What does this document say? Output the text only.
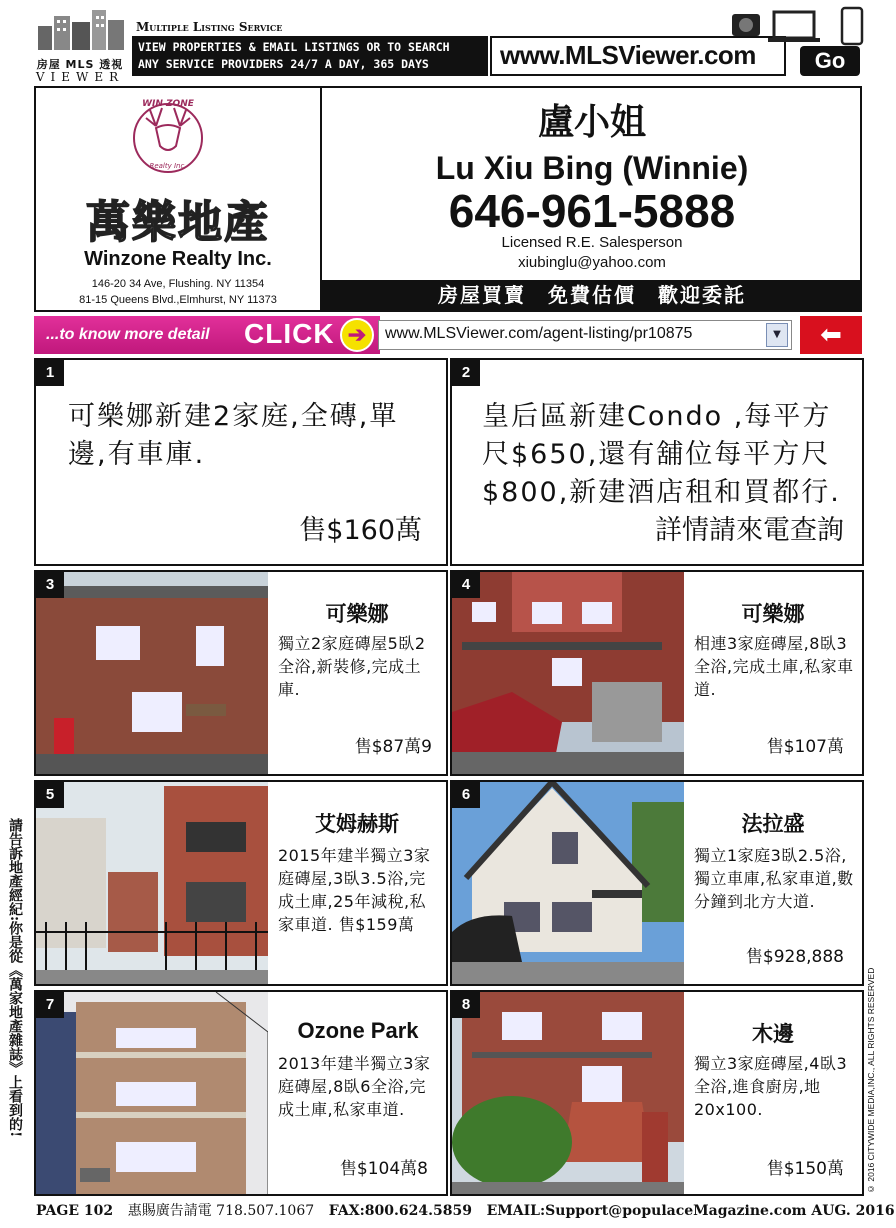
房屋 MLS 透視
VIEWER
Multiple Listing Service
VIEW PROPERTIES & EMAIL LISTINGS OR TO SEARCH
ANY SERVICE PROVIDERS 24/7 A DAY, 365 DAYS	www.MLSViewer.com	Go
WIN ZONE
Realty Inc.
萬樂地產
Winzone Realty Inc.
146-20 34 Ave, Flushing. NY 11354
81-15 Queens Blvd.,Elmhurst, NY 11373
盧小姐
Lu Xiu Bing (Winnie)
646-961-5888
Licensed R.E. Salesperson
xiubinglu@yahoo.com
房屋買賣　免費估價　歡迎委託
...to know more detail CLICK ➔	www.MLSViewer.com/agent-listing/pr10875	▼	⬅
1
可樂娜新建2家庭,全磚,單邊,有車庫.
售$160萬
2
皇后區新建Condo ,每平方尺$650,還有舖位每平方尺$800,新建酒店租和買都行.
詳情請來電查詢
3
可樂娜
獨立2家庭磚屋5臥2全浴,新裝修,完成土庫.
售$87萬9
4
可樂娜
相連3家庭磚屋,8臥3全浴,完成土庫,私家車道.
售$107萬
5
艾姆赫斯
2015年建半獨立3家庭磚屋,3臥3.5浴,完成土庫,25年減稅,私家車道. 售$159萬
6
法拉盛
獨立1家庭3臥2.5浴,獨立車庫,私家車道,數分鐘到北方大道.
售$928,888
7
Ozone Park
2013年建半獨立3家庭磚屋,8臥6全浴,完成土庫,私家車道.
售$104萬8
8
木邊
獨立3家庭磚屋,4臥3全浴,進食廚房,地20x100.
售$150萬
請告訴地產經紀:你是從《萬家地產雜誌》上看到的!	© 2016 CITYWIDE MEDIA,INC., ALL RIGHTS RESERVED
PAGE 102 惠賜廣告請電 718.507.1067 FAX:800.624.5859 EMAIL:Support@populaceMagazine.com AUG. 2016
